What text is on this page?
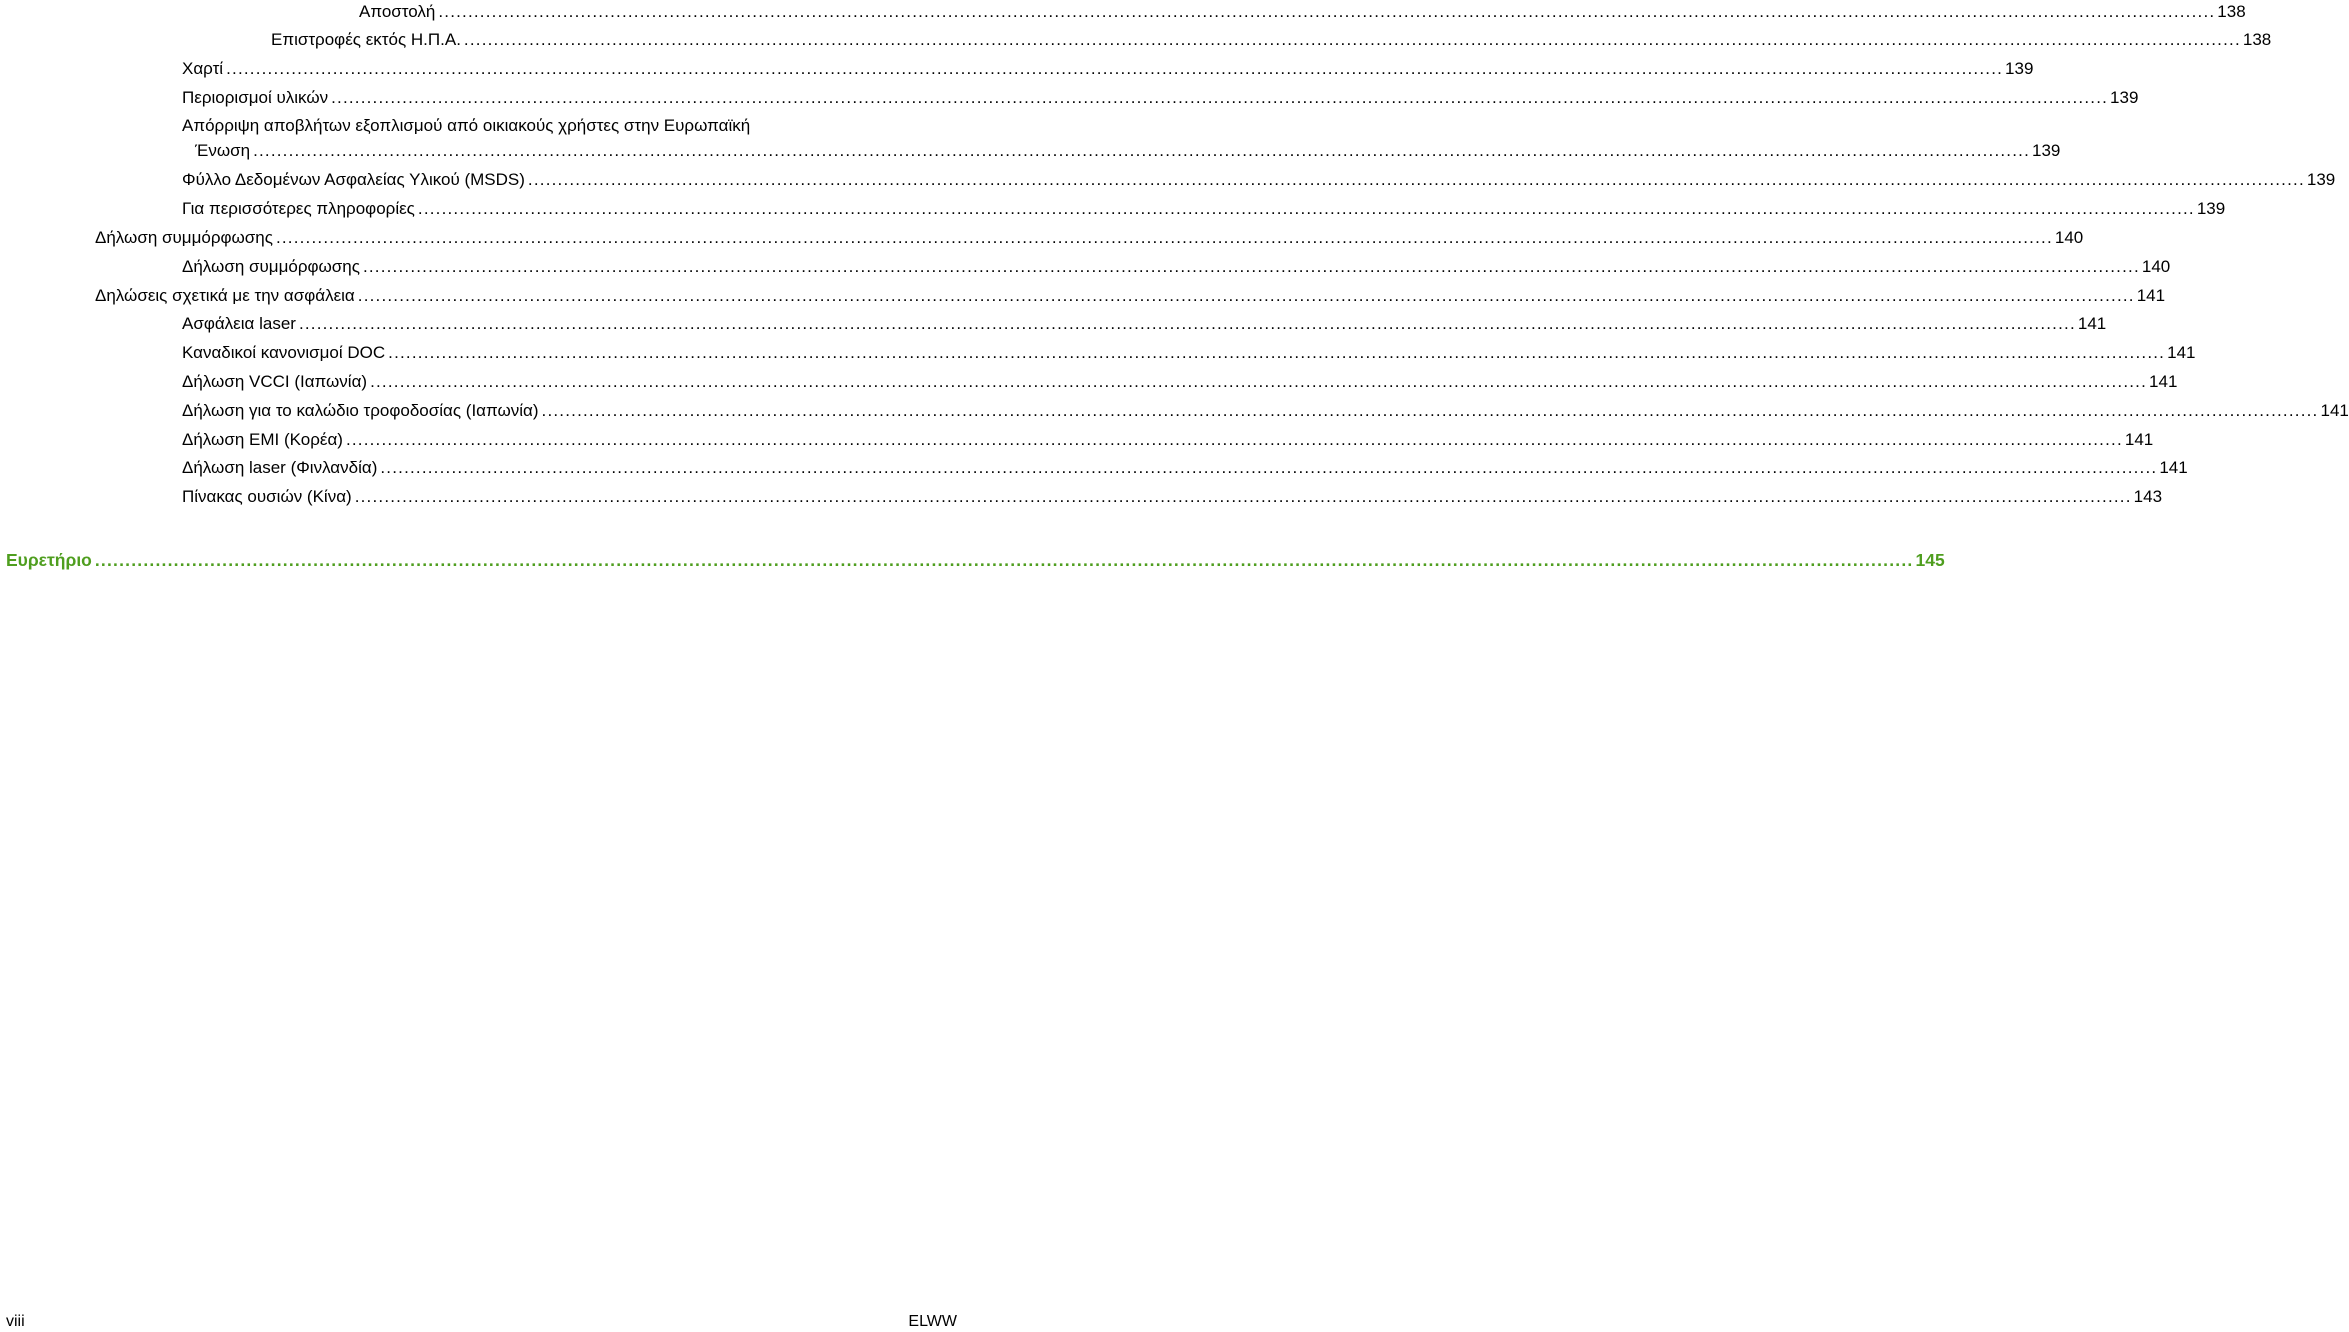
Αποστολή ............................................................................................................................................................................................................................................................................................................ 138
Επιστροφές εκτός Η.Π.Α. ............................................................................................................................................................................................................................................................................................................ 138
Χαρτί ............................................................................................................................................................................................................................................................................................................ 139
Περιορισμοί υλικών ............................................................................................................................................................................................................................................................................................................ 139
Απόρριψη αποβλήτων εξοπλισμού από οικιακούς χρήστες στην Ευρωπαϊκή
Ένωση ............................................................................................................................................................................................................................................................................................................ 139
Φύλλο Δεδομένων Ασφαλείας Υλικού (MSDS) ............................................................................................................................................................................................................................................................................................................ 139
Για περισσότερες πληροφορίες ............................................................................................................................................................................................................................................................................................................ 139
Δήλωση συμμόρφωσης ............................................................................................................................................................................................................................................................................................................ 140
Δήλωση συμμόρφωσης ............................................................................................................................................................................................................................................................................................................ 140
Δηλώσεις σχετικά με την ασφάλεια ............................................................................................................................................................................................................................................................................................................ 141
Ασφάλεια laser ............................................................................................................................................................................................................................................................................................................ 141
Καναδικοί κανονισμοί DOC ............................................................................................................................................................................................................................................................................................................ 141
Δήλωση VCCI (Ιαπωνία) ............................................................................................................................................................................................................................................................................................................ 141
Δήλωση για το καλώδιο τροφοδοσίας (Ιαπωνία) ............................................................................................................................................................................................................................................................................................................ 141
Δήλωση EMI (Κορέα) ............................................................................................................................................................................................................................................................................................................ 141
Δήλωση laser (Φινλανδία) ............................................................................................................................................................................................................................................................................................................ 141
Πίνακας ουσιών (Κίνα) ............................................................................................................................................................................................................................................................................................................ 143
Ευρετήριο ............................................................................................................................................................................................................................................................................................................ 145
viii	ELWW
